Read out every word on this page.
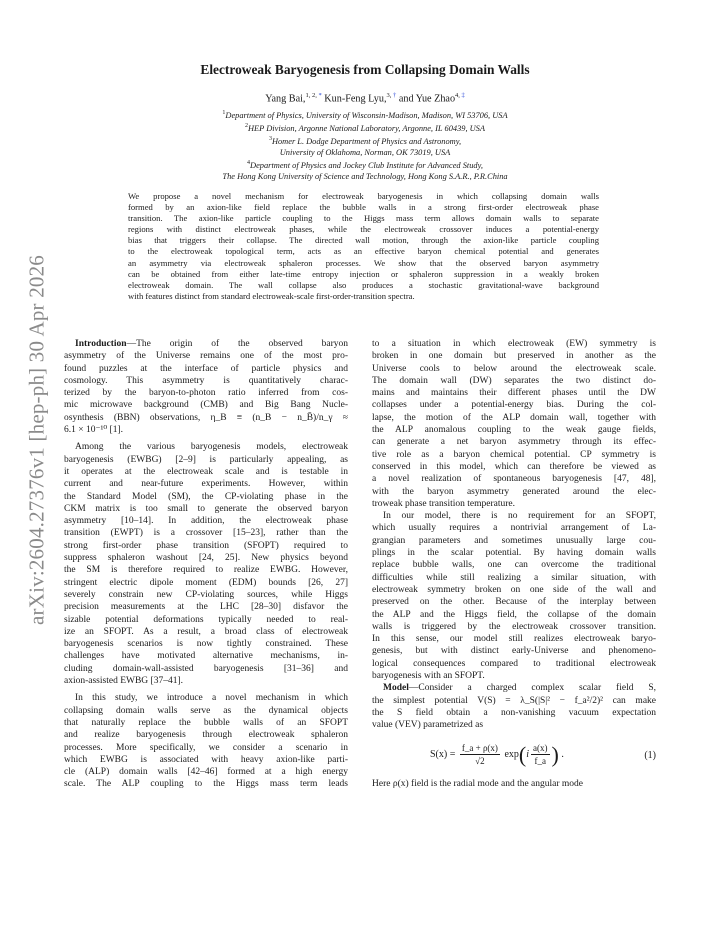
arXiv:2604.27376v1 [hep-ph] 30 Apr 2026
Electroweak Baryogenesis from Collapsing Domain Walls
Yang Bai,$^{1, 2, *}$ Kun-Feng Lyu,$^{3, \dagger}$ and Yue Zhao$^{4, \ddagger}$
$^1$Department of Physics, University of Wisconsin-Madison, Madison, WI 53706, USA
$^2$HEP Division, Argonne National Laboratory, Argonne, IL 60439, USA
$^3$Homer L. Dodge Department of Physics and Astronomy,
University of Oklahoma, Norman, OK 73019, USA
$^4$Department of Physics and Jockey Club Institute for Advanced Study,
The Hong Kong University of Science and Technology, Hong Kong S.A.R., P.R.China
We propose a novel mechanism for electroweak baryogenesis in which collapsing domain walls
formed by an axion-like field replace the bubble walls in a strong first-order electroweak phase
transition. The axion-like particle coupling to the Higgs mass term allows domain walls to separate
regions with distinct electroweak phases, while the electroweak crossover induces a potential-energy
bias that triggers their collapse. The directed wall motion, through the axion-like particle coupling
to the electroweak topological term, acts as an effective baryon chemical potential and generates
an asymmetry via electroweak sphaleron processes. We show that the observed baryon asymmetry
can be obtained from either late-time entropy injection or sphaleron suppression in a weakly broken
electroweak domain. The wall collapse also produces a stochastic gravitational-wave background
with features distinct from standard electroweak-scale first-order-transition spectra.
Introduction—The origin of the observed baryon
asymmetry of the Universe remains one of the most pro-
found puzzles at the interface of particle physics and
cosmology. This asymmetry is quantitatively charac-
terized by the baryon-to-photon ratio inferred from cos-
mic microwave background (CMB) and Big Bang Nucle-
osynthesis (BBN) observations, η_B ≡ (n_B − n_B̄)/n_γ ≈
6.1 × 10⁻¹⁰ [1].
Among the various baryogenesis models, electroweak
baryogenesis (EWBG) [2–9] is particularly appealing, as
it operates at the electroweak scale and is testable in
current and near-future experiments. However, within
the Standard Model (SM), the CP-violating phase in the
CKM matrix is too small to generate the observed baryon
asymmetry [10–14]. In addition, the electroweak phase
transition (EWPT) is a crossover [15–23], rather than the
strong first-order phase transition (SFOPT) required to
suppress sphaleron washout [24, 25]. New physics beyond
the SM is therefore required to realize EWBG. However,
stringent electric dipole moment (EDM) bounds [26, 27]
severely constrain new CP-violating sources, while Higgs
precision measurements at the LHC [28–30] disfavor the
sizable potential deformations typically needed to real-
ize an SFOPT. As a result, a broad class of electroweak
baryogenesis scenarios is now tightly constrained. These
challenges have motivated alternative mechanisms, in-
cluding domain-wall-assisted baryogenesis [31–36] and
axion-assisted EWBG [37–41].
In this study, we introduce a novel mechanism in which
collapsing domain walls serve as the dynamical objects
that naturally replace the bubble walls of an SFOPT
and realize baryogenesis through electroweak sphaleron
processes. More specifically, we consider a scenario in
which EWBG is associated with heavy axion-like parti-
cle (ALP) domain walls [42–46] formed at a high energy
scale. The ALP coupling to the Higgs mass term leads
to a situation in which electroweak (EW) symmetry is
broken in one domain but preserved in another as the
Universe cools to below around the electroweak scale.
The domain wall (DW) separates the two distinct do-
mains and maintains their different phases until the DW
collapses under a potential-energy bias. During the col-
lapse, the motion of the ALP domain wall, together with
the ALP anomalous coupling to the weak gauge fields,
can generate a net baryon asymmetry through its effec-
tive role as a baryon chemical potential. CP symmetry is
conserved in this model, which can therefore be viewed as
a novel realization of spontaneous baryogenesis [47, 48],
with the baryon asymmetry generated around the elec-
troweak phase transition temperature.
In our model, there is no requirement for an SFOPT,
which usually requires a nontrivial arrangement of La-
grangian parameters and sometimes unusually large cou-
plings in the scalar potential. By having domain walls
replace bubble walls, one can overcome the traditional
difficulties while still realizing a similar situation, with
electroweak symmetry broken on one side of the wall and
preserved on the other. Because of the interplay between
the ALP and the Higgs field, the collapse of the domain
walls is triggered by the electroweak crossover transition.
In this sense, our model still realizes electroweak baryo-
genesis, but with distinct early-Universe and phenomeno-
logical consequences compared to traditional electroweak
baryogenesis with an SFOPT.
Model—Consider a charged complex scalar field S,
the simplest potential V(S) = λ_S(|S|² − f_a²/2)² can make
the S field obtain a non-vanishing vacuum expectation
value (VEV) parametrized as
$S(x) = \frac{f\_a + \rho(x)}{√2} \exp(i \frac{a(x)}{f\_a}$ ) .	(1)
Here ρ(x) field is the radial mode and the angular mode
